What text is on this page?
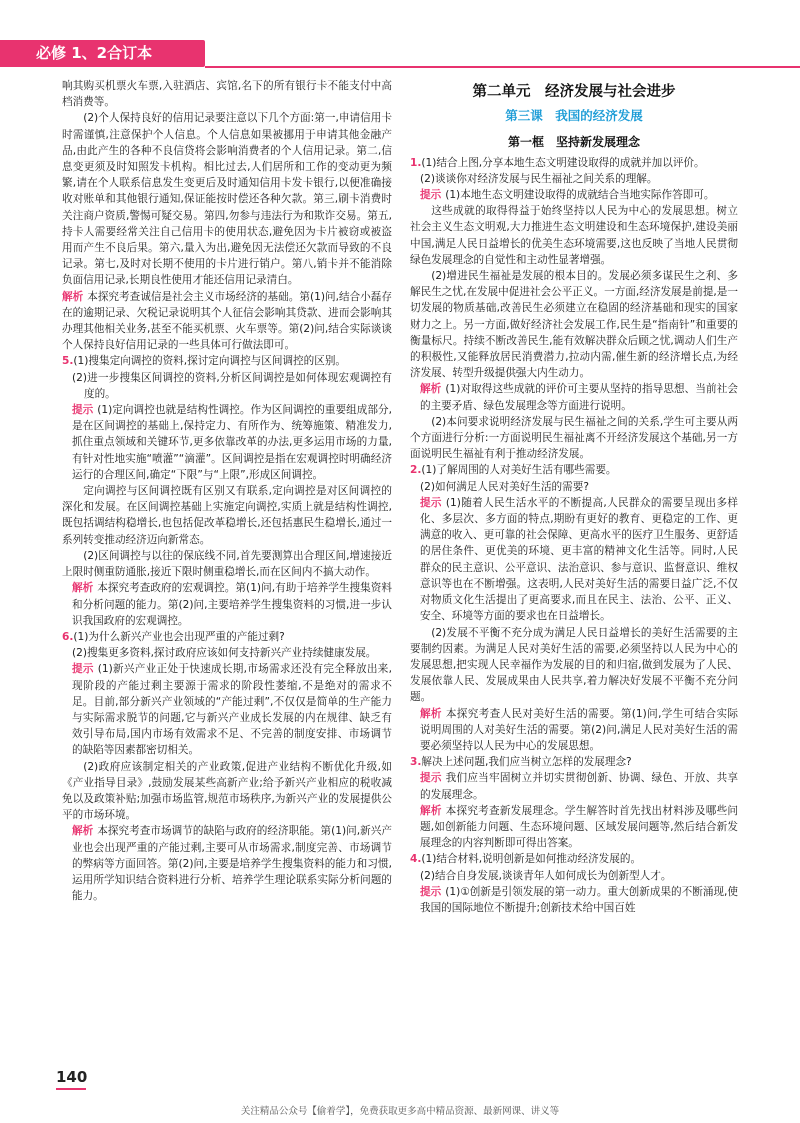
必修 1、2合订本

响其购买机票火车票,入驻酒店、宾馆,名下的所有银行卡不能支付中高档消费等。

(2)个人保持良好的信用记录要注意以下几个方面:第一,申请信用卡时需谨慎,注意保护个人信息。个人信息如果被挪用于申请其他金融产品,由此产生的各种不良信贷将会影响消费者的个人信用记录。第二,信息变更须及时知照发卡机构。相比过去,人们居所和工作的变动更为频繁,请在个人联系信息发生变更后及时通知信用卡发卡银行,以便准确接收对账单和其他银行通知,保证能按时偿还各种欠款。第三,刷卡消费时关注商户资质,警惕可疑交易。第四,勿参与违法行为和欺诈交易。第五,持卡人需要经常关注自己信用卡的使用状态,避免因为卡片被窃或被盗用而产生不良后果。第六,量入为出,避免因无法偿还欠款而导致的不良记录。第七,及时对长期不使用的卡片进行销户。第八,销卡并不能消除负面信用记录,长期良性使用才能还信用记录清白。

解析 本探究考查诚信是社会主义市场经济的基础。第(1)问,结合小磊存在的逾期记录、欠税记录说明其个人征信会影响其贷款、进而会影响其办理其他相关业务,甚至不能买机票、火车票等。第(2)问,结合实际谈谈个人保持良好信用记录的一些具体可行做法即可。

5. (1)搜集定向调控的资料,探讨定向调控与区间调控的区别。

(2)进一步搜集区间调控的资料,分析区间调控是如何体现宏观调控有度的。

提示 (1)定向调控也就是结构性调控。作为区间调控的重要组成部分,是在区间调控的基础上,保持定力、有所作为、统筹施策、精准发力,抓住重点领域和关键环节,更多依靠改革的办法,更多运用市场的力量,有针对性地实施“喷灌”“滴灌”。区间调控是指在宏观调控时明确经济运行的合理区间,确定“下限”与“上限”,形成区间调控。

定向调控与区间调控既有区别又有联系,定向调控是对区间调控的深化和发展。在区间调控基础上实施定向调控,实质上就是结构性调控,既包括调结构稳增长,也包括促改革稳增长,还包括惠民生稳增长,通过一系列转变推动经济迈向新常态。

(2)区间调控与以往的保底线不同,首先要测算出合理区间,增速接近上限时侧重防通胀,接近下限时侧重稳增长,而在区间内不搞大动作。

解析 本探究考查政府的宏观调控。第(1)问,有助于培养学生搜集资料和分析问题的能力。第(2)问,主要培养学生搜集资料的习惯,进一步认识我国政府的宏观调控。

6. (1)为什么新兴产业也会出现严重的产能过剩?

(2)搜集更多资料,探讨政府应该如何支持新兴产业持续健康发展。

提示 (1)新兴产业正处于快速成长期,市场需求还没有完全释放出来,现阶段的产能过剩主要源于需求的阶段性萎缩,不是绝对的需求不足。目前,部分新兴产业领域的“产能过剩”,不仅仅是简单的生产能力与实际需求脱节的问题,它与新兴产业成长发展的内在规律、缺乏有效引导布局,国内市场有效需求不足、不完善的制度安排、市场调节的缺陷等因素都密切相关。

(2)政府应该制定相关的产业政策,促进产业结构不断优化升级,如《产业指导目录》,鼓励发展某些高新产业;给予新兴产业相应的税收减免以及政策补贴;加强市场监管,规范市场秩序,为新兴产业的发展提供公平的市场环境。

解析 本探究考查市场调节的缺陷与政府的经济职能。第(1)问,新兴产业也会出现严重的产能过剩,主要可从市场需求,制度完善、市场调节的弊病等方面回答。第(2)问,主要是培养学生搜集资料的能力和习惯,运用所学知识结合资料进行分析、培养学生理论联系实际分析问题的能力。

第二单元　经济发展与社会进步
第三课　我国的经济发展
第一框　坚持新发展理念
1. (1)结合上图,分享本地生态文明建设取得的成就并加以评价。

(2)谈谈你对经济发展与民生福祉之间关系的理解。

提示 (1)本地生态文明建设取得的成就结合当地实际作答即可。

这些成就的取得得益于始终坚持以人民为中心的发展思想。树立社会主义生态文明观,大力推进生态文明建设和生态环境保护,建设美丽中国,满足人民日益增长的优美生态环境需要,这也反映了当地人民贯彻绿色发展理念的自觉性和主动性显著增强。

(2)增进民生福祉是发展的根本目的。发展必须多谋民生之利、多解民生之忧,在发展中促进社会公平正义。一方面,经济发展是前提,是一切发展的物质基础,改善民生必须建立在稳固的经济基础和现实的国家财力之上。另一方面,做好经济社会发展工作,民生是“指南针”和重要的衡量标尺。持续不断改善民生,能有效解决群众后顾之忧,调动人们生产的积极性,又能释放居民消费潜力,拉动内需,催生新的经济增长点,为经济发展、转型升级提供强大内生动力。

解析 (1)对取得这些成就的评价可主要从坚持的指导思想、当前社会的主要矛盾、绿色发展理念等方面进行说明。

(2)本问要求说明经济发展与民生福祉之间的关系,学生可主要从两个方面进行分析:一方面说明民生福祉离不开经济发展这个基础,另一方面说明民生福祉有利于推动经济发展。

2. (1)了解周围的人对美好生活有哪些需要。

(2)如何满足人民对美好生活的需要?

提示 (1)随着人民生活水平的不断提高,人民群众的需要呈现出多样化、多层次、多方面的特点,期盼有更好的教育、更稳定的工作、更满意的收入、更可靠的社会保障、更高水平的医疗卫生服务、更舒适的居住条件、更优美的环境、更丰富的精神文化生活等。同时,人民群众的民主意识、公平意识、法治意识、参与意识、监督意识、维权意识等也在不断增强。这表明,人民对美好生活的需要日益广泛,不仅对物质文化生活提出了更高要求,而且在民主、法治、公平、正义、安全、环境等方面的要求也在日益增长。

(2)发展不平衡不充分成为满足人民日益增长的美好生活需要的主要制约因素。为满足人民对美好生活的需要,必须坚持以人民为中心的发展思想,把实现人民幸福作为发展的目的和归宿,做到发展为了人民、发展依靠人民、发展成果由人民共享,着力解决好发展不平衡不充分问题。

解析 本探究考查人民对美好生活的需要。第(1)问,学生可结合实际说明周围的人对美好生活的需要。第(2)问,满足人民对美好生活的需要必须坚持以人民为中心的发展思想。

3. 解决上述问题,我们应当树立怎样的发展理念?

提示 我们应当牢固树立并切实贯彻创新、协调、绿色、开放、共享的发展理念。

解析 本探究考查新发展理念。学生解答时首先找出材料涉及哪些问题,如创新能力问题、生态环境问题、区域发展问题等,然后结合新发展理念的内容判断即可得出答案。

4. (1)结合材料,说明创新是如何推动经济发展的。

(2)结合自身发展,谈谈青年人如何成长为创新型人才。

提示 (1)①创新是引领发展的第一动力。重大创新成果的不断涌现,使我国的国际地位不断提升;创新技术给中国百姓

140
关注精品公众号【偷着学】，免费获取更多高中精品资源、最新网课、讲义等
